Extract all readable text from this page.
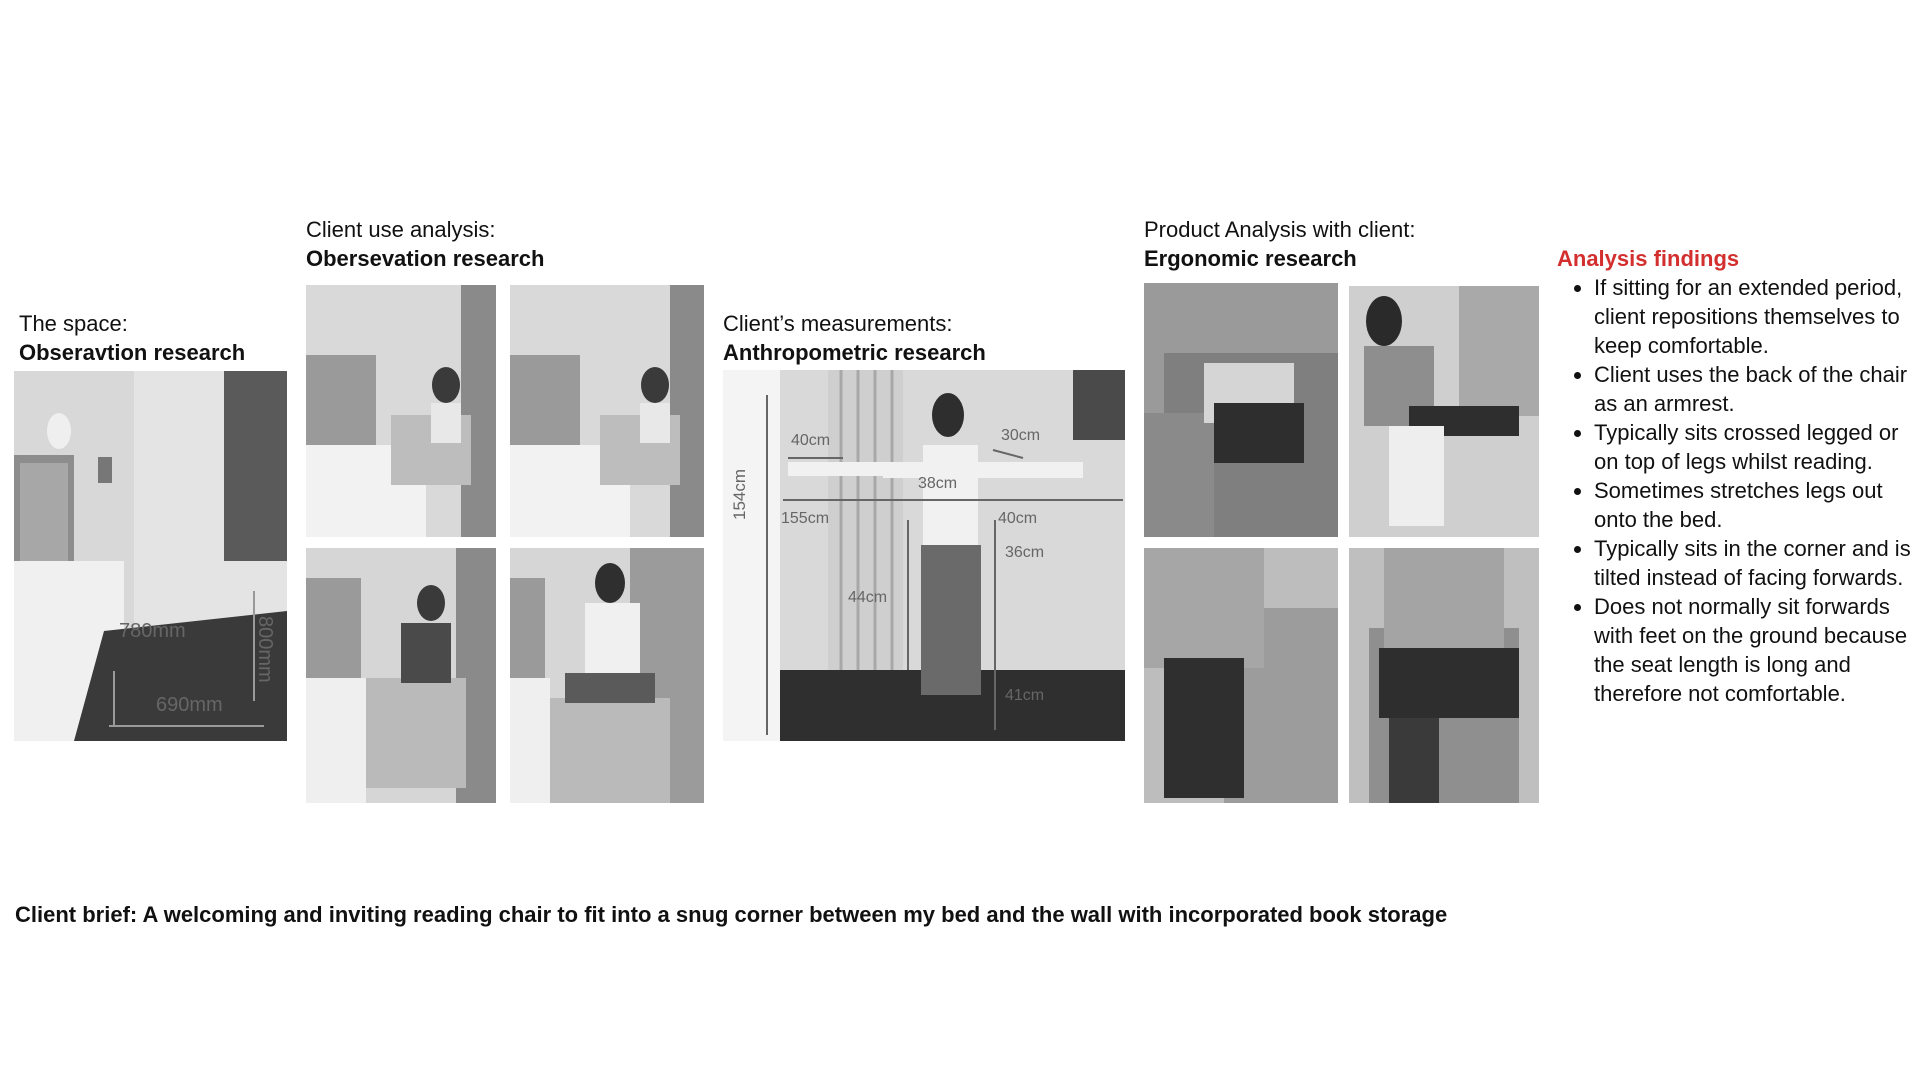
The space:
Obseravtion research
Client use analysis:
Obersevation research
Client’s measurements:
Anthropometric research
Product Analysis with client:
Ergonomic research
780mm
690mm
800mm
154cm
40cm	30cm
38cm
155cm	40cm
36cm
44cm
41cm
Analysis findings
• If sitting for an extended period, client repositions themselves to keep comfortable.
• Client uses the back of the chair as an armrest.
• Typically sits crossed legged or on top of legs whilst reading.
• Sometimes stretches legs out onto the bed.
• Typically sits in the corner and is tilted instead of facing forwards.
• Does not normally sit forwards with feet on the ground because the seat length is long and therefore not comfortable.
Client brief: A welcoming and inviting reading chair to fit into a snug corner between my bed and the wall with incorporated book storage
